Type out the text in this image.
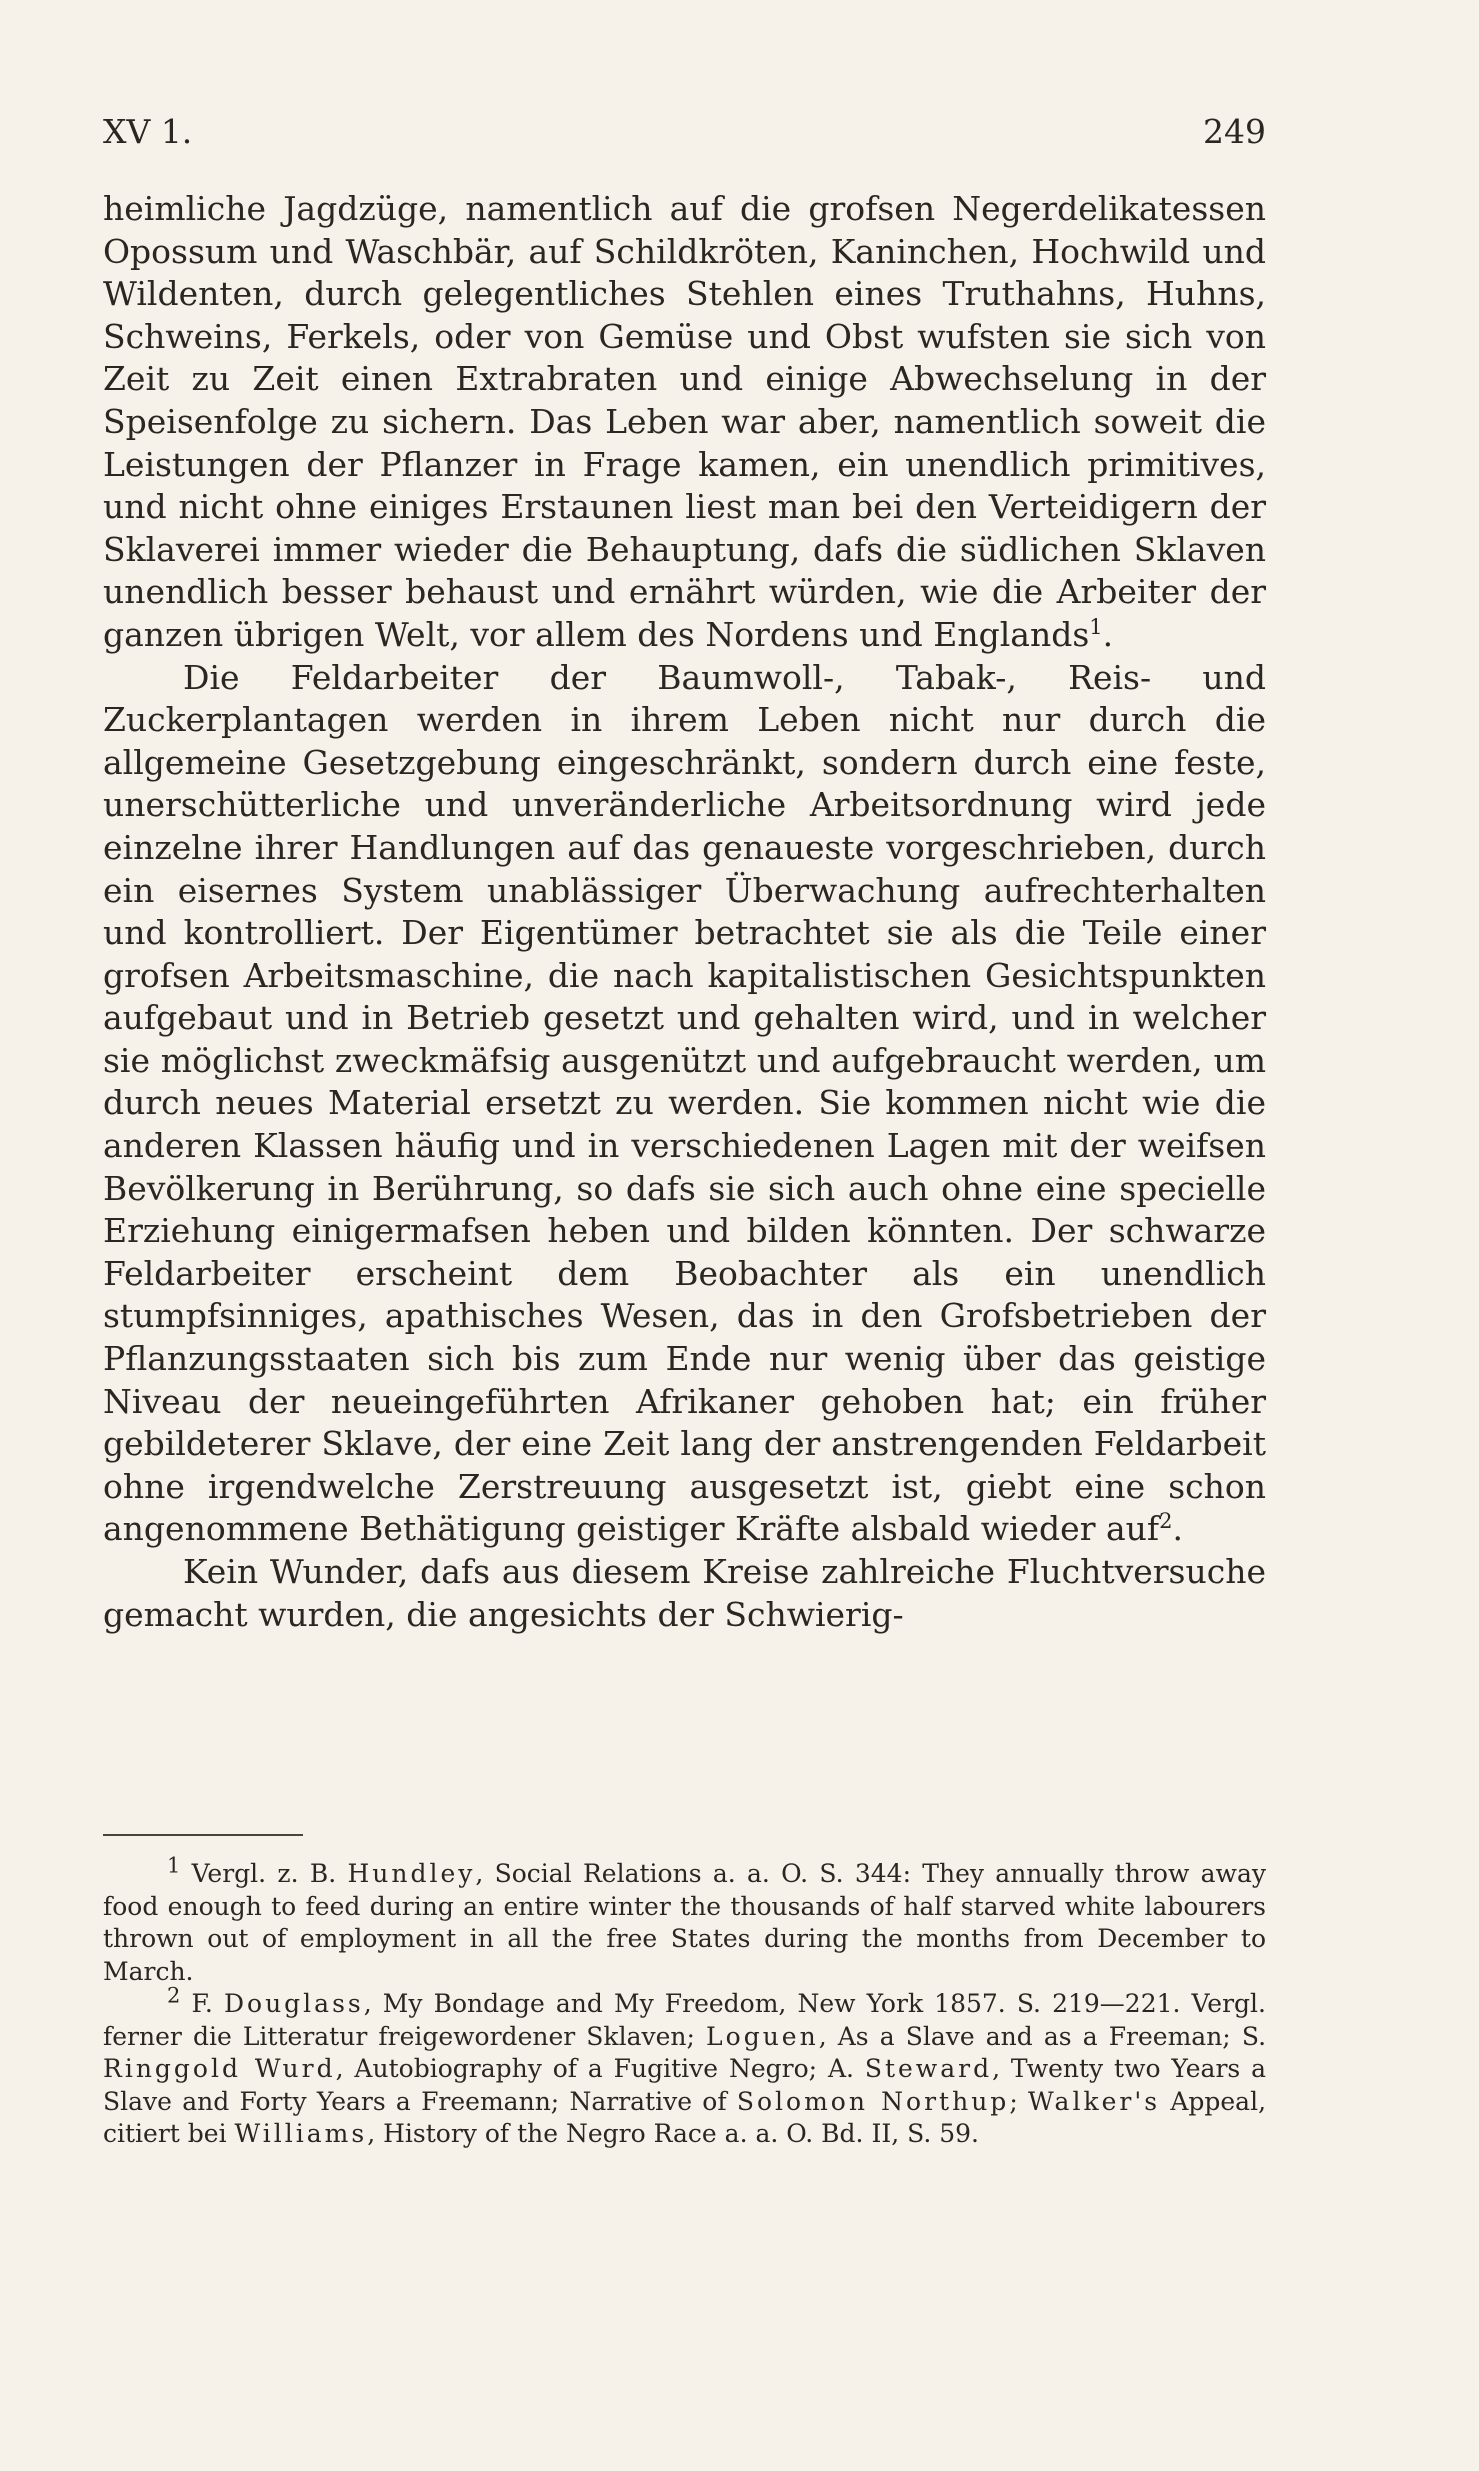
XV 1.	249

heimliche Jagdzüge, namentlich auf die grofsen Negerdelikatessen Opossum und Waschbär, auf Schildkröten, Kaninchen, Hochwild und Wildenten, durch gelegentliches Stehlen eines Truthahns, Huhns, Schweins, Ferkels, oder von Gemüse und Obst wufsten sie sich von Zeit zu Zeit einen Extrabraten und einige Abwechselung in der Speisenfolge zu sichern. Das Leben war aber, namentlich soweit die Leistungen der Pflanzer in Frage kamen, ein unendlich primitives, und nicht ohne einiges Erstaunen liest man bei den Verteidigern der Sklaverei immer wieder die Behauptung, dafs die südlichen Sklaven unendlich besser behaust und ernährt würden, wie die Arbeiter der ganzen übrigen Welt, vor allem des Nordens und Englands$^1$.

Die Feldarbeiter der Baumwoll-, Tabak-, Reis- und Zuckerplantagen werden in ihrem Leben nicht nur durch die allgemeine Gesetzgebung eingeschränkt, sondern durch eine feste, unerschütterliche und unveränderliche Arbeitsordnung wird jede einzelne ihrer Handlungen auf das genaueste vorgeschrieben, durch ein eisernes System unablässiger Überwachung aufrechterhalten und kontrolliert. Der Eigentümer betrachtet sie als die Teile einer grofsen Arbeitsmaschine, die nach kapitalistischen Gesichtspunkten aufgebaut und in Betrieb gesetzt und gehalten wird, und in welcher sie möglichst zweckmäfsig ausgenützt und aufgebraucht werden, um durch neues Material ersetzt zu werden. Sie kommen nicht wie die anderen Klassen häufig und in verschiedenen Lagen mit der weifsen Bevölkerung in Berührung, so dafs sie sich auch ohne eine specielle Erziehung einigermafsen heben und bilden könnten. Der schwarze Feldarbeiter erscheint dem Beobachter als ein unendlich stumpfsinniges, apathisches Wesen, das in den Grofsbetrieben der Pflanzungsstaaten sich bis zum Ende nur wenig über das geistige Niveau der neueingeführten Afrikaner gehoben hat; ein früher gebildeterer Sklave, der eine Zeit lang der anstrengenden Feldarbeit ohne irgendwelche Zerstreuung ausgesetzt ist, giebt eine schon angenommene Bethätigung geistiger Kräfte alsbald wieder auf$^2$.

Kein Wunder, dafs aus diesem Kreise zahlreiche Fluchtversuche gemacht wurden, die angesichts der Schwierig-

$^1$ Vergl. z. B. Hundley, Social Relations a. a. O. S. 344: They annually throw away food enough to feed during an entire winter the thousands of half starved white labourers thrown out of employment in all the free States during the months from December to March.

$^2$ F. Douglass, My Bondage and My Freedom, New York 1857. S. 219—221. Vergl. ferner die Litteratur freigewordener Sklaven; Loguen, As a Slave and as a Freeman; S. Ringgold Wurd, Autobiography of a Fugitive Negro; A. Steward, Twenty two Years a Slave and Forty Years a Freemann; Narrative of Solomon Northup; Walker's Appeal, citiert bei Williams, History of the Negro Race a. a. O. Bd. II, S. 59.
